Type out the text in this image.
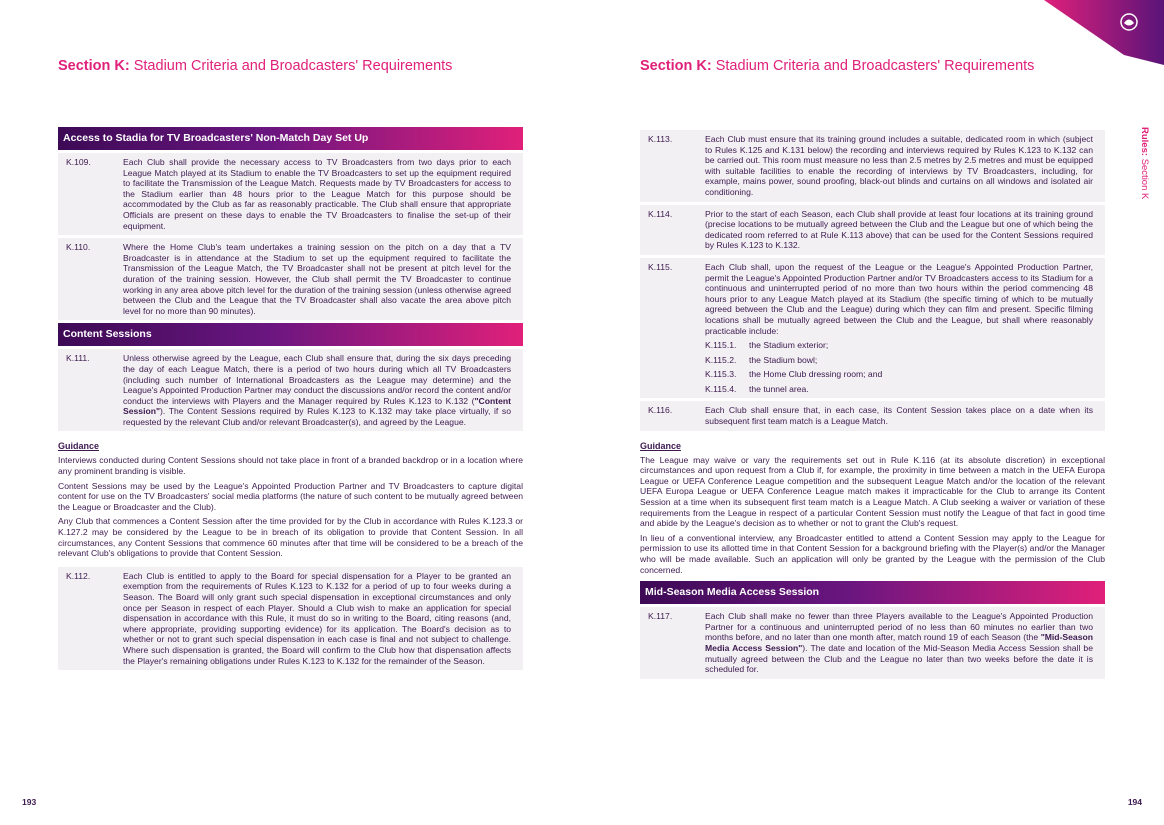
Section K: Stadium Criteria and Broadcasters' Requirements
Access to Stadia for TV Broadcasters' Non-Match Day Set Up
K.109.	Each Club shall provide the necessary access to TV Broadcasters from two days prior to each League Match played at its Stadium to enable the TV Broadcasters to set up the equipment required to facilitate the Transmission of the League Match. Requests made by TV Broadcasters for access to the Stadium earlier than 48 hours prior to the League Match for this purpose should be accommodated by the Club as far as reasonably practicable. The Club shall ensure that appropriate Officials are present on these days to enable the TV Broadcasters to finalise the set-up of their equipment.
K.110.	Where the Home Club's team undertakes a training session on the pitch on a day that a TV Broadcaster is in attendance at the Stadium to set up the equipment required to facilitate the Transmission of the League Match, the TV Broadcaster shall not be present at pitch level for the duration of the training session. However, the Club shall permit the TV Broadcaster to continue working in any area above pitch level for the duration of the training session (unless otherwise agreed between the Club and the League that the TV Broadcaster shall also vacate the area above pitch level for no more than 90 minutes).
Content Sessions
K.111.	Unless otherwise agreed by the League, each Club shall ensure that, during the six days preceding the day of each League Match, there is a period of two hours during which all TV Broadcasters (including such number of International Broadcasters as the League may determine) and the League's Appointed Production Partner may conduct the discussions and/or record the content and/or conduct the interviews with Players and the Manager required by Rules K.123 to K.132 ("Content Session"). The Content Sessions required by Rules K.123 to K.132 may take place virtually, if so requested by the relevant Club and/or relevant Broadcaster(s), and agreed by the League.
Guidance
Interviews conducted during Content Sessions should not take place in front of a branded backdrop or in a location where any prominent branding is visible.
Content Sessions may be used by the League's Appointed Production Partner and TV Broadcasters to capture digital content for use on the TV Broadcasters' social media platforms (the nature of such content to be mutually agreed between the League or Broadcaster and the Club).
Any Club that commences a Content Session after the time provided for by the Club in accordance with Rules K.123.3 or K.127.2 may be considered by the League to be in breach of its obligation to provide that Content Session. In all circumstances, any Content Sessions that commence 60 minutes after that time will be considered to be a breach of the relevant Club's obligations to provide that Content Session.
K.112.	Each Club is entitled to apply to the Board for special dispensation for a Player to be granted an exemption from the requirements of Rules K.123 to K.132 for a period of up to four weeks during a Season. The Board will only grant such special dispensation in exceptional circumstances and only once per Season in respect of each Player. Should a Club wish to make an application for special dispensation in accordance with this Rule, it must do so in writing to the Board, citing reasons (and, where appropriate, providing supporting evidence) for its application. The Board's decision as to whether or not to grant such special dispensation in each case is final and not subject to challenge. Where such dispensation is granted, the Board will confirm to the Club how that dispensation affects the Player's remaining obligations under Rules K.123 to K.132 for the remainder of the Season.
193
Section K: Stadium Criteria and Broadcasters' Requirements
K.113.	Each Club must ensure that its training ground includes a suitable, dedicated room in which (subject to Rules K.125 and K.131 below) the recording and interviews required by Rules K.123 to K.132 can be carried out. This room must measure no less than 2.5 metres by 2.5 metres and must be equipped with suitable facilities to enable the recording of interviews by TV Broadcasters, including, for example, mains power, sound proofing, black-out blinds and curtains on all windows and isolated air conditioning.
K.114.	Prior to the start of each Season, each Club shall provide at least four locations at its training ground (precise locations to be mutually agreed between the Club and the League but one of which being the dedicated room referred to at Rule K.113 above) that can be used for the Content Sessions required by Rules K.123 to K.132.
K.115.	Each Club shall, upon the request of the League or the League's Appointed Production Partner, permit the League's Appointed Production Partner and/or TV Broadcasters access to its Stadium for a continuous and uninterrupted period of no more than two hours within the period commencing 48 hours prior to any League Match played at its Stadium (the specific timing of which to be mutually agreed between the Club and the League) during which they can film and present. Specific filming locations shall be mutually agreed between the Club and the League, but shall where reasonably practicable include:
K.115.1.	the Stadium exterior;
K.115.2.	the Stadium bowl;
K.115.3.	the Home Club dressing room; and
K.115.4.	the tunnel area.
K.116.	Each Club shall ensure that, in each case, its Content Session takes place on a date when its subsequent first team match is a League Match.
Guidance
The League may waive or vary the requirements set out in Rule K.116 (at its absolute discretion) in exceptional circumstances and upon request from a Club if, for example, the proximity in time between a match in the UEFA Europa League or UEFA Conference League competition and the subsequent League Match and/or the location of the relevant UEFA Europa League or UEFA Conference League match makes it impracticable for the Club to arrange its Content Session at a time when its subsequent first team match is a League Match. A Club seeking a waiver or variation of these requirements from the League in respect of a particular Content Session must notify the League of that fact in good time and abide by the League's decision as to whether or not to grant the Club's request.
In lieu of a conventional interview, any Broadcaster entitled to attend a Content Session may apply to the League for permission to use its allotted time in that Content Session for a background briefing with the Player(s) and/or the Manager who will be made available. Such an application will only be granted by the League with the permission of the Club concerned.
Mid-Season Media Access Session
K.117.	Each Club shall make no fewer than three Players available to the League's Appointed Production Partner for a continuous and uninterrupted period of no less than 60 minutes no earlier than two months before, and no later than one month after, match round 19 of each Season (the "Mid-Season Media Access Session"). The date and location of the Mid-Season Media Access Session shall be mutually agreed between the Club and the League no later than two weeks before the date it is scheduled for.
Rules: Section K
194
